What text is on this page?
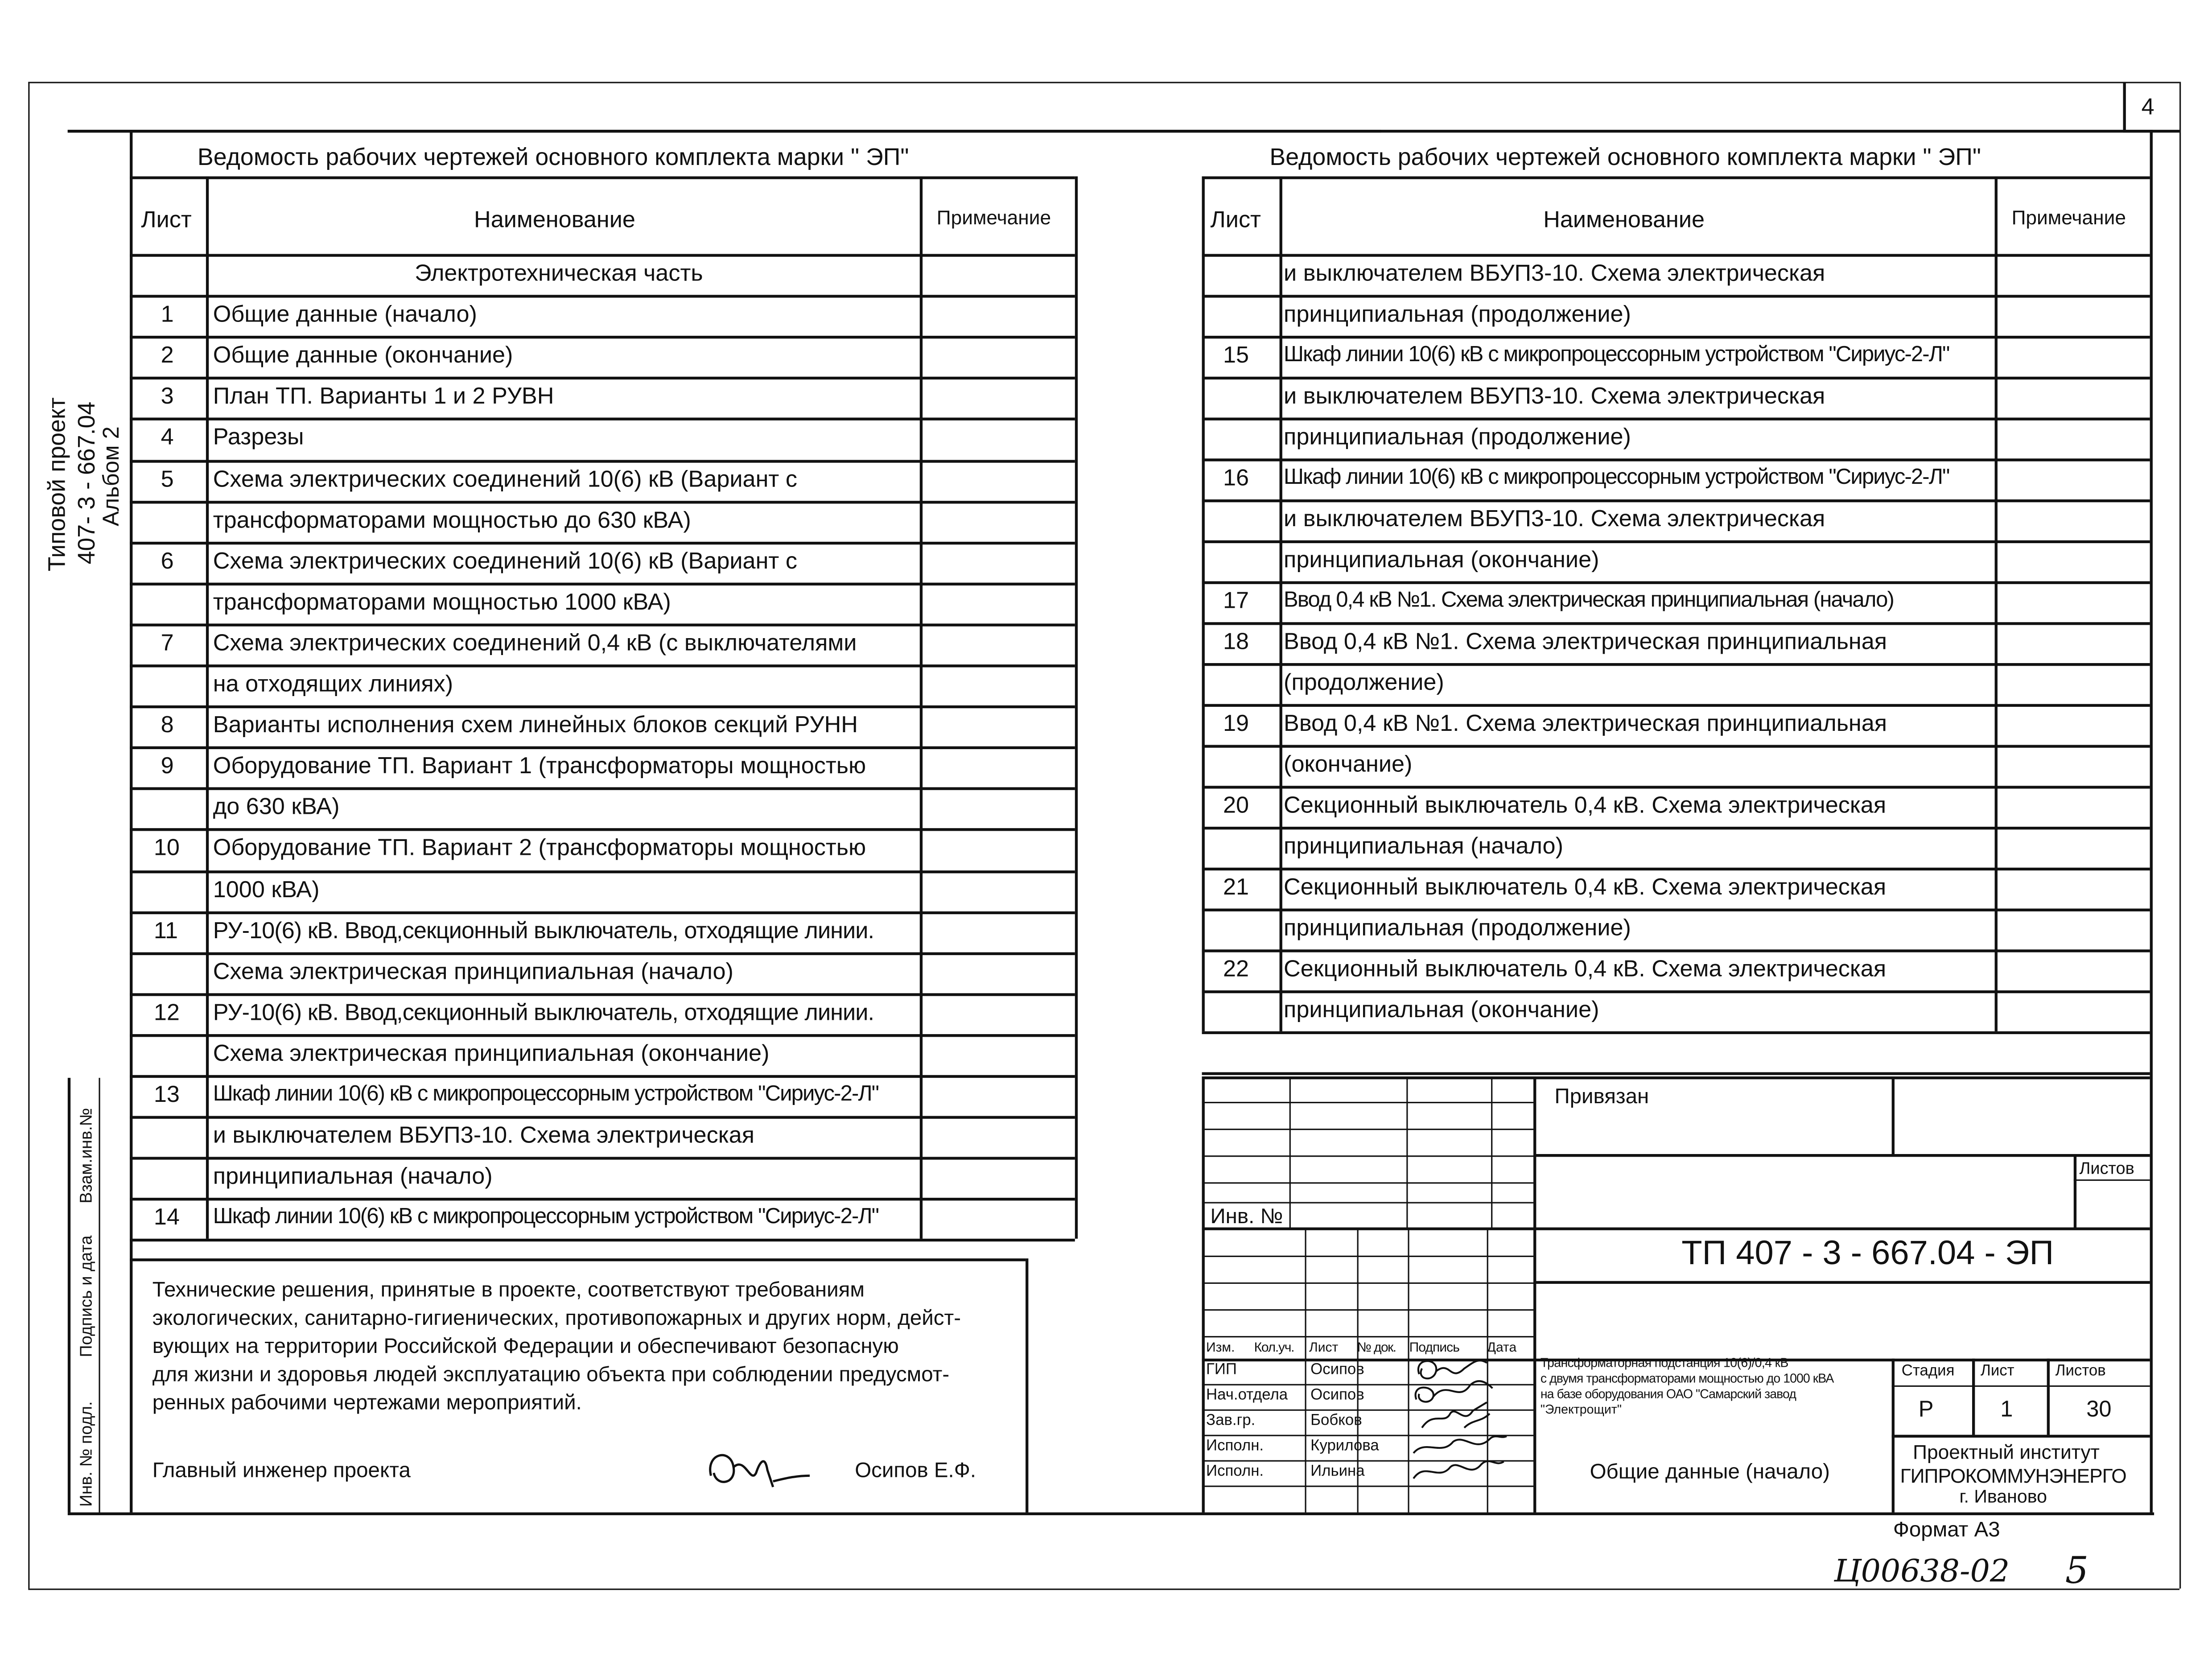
4
Типовой проект 407- 3 - 667.04 Альбом 2
Взам.инв.№
Подпись и дата
Инв. № подл.
Ведомость рабочих чертежей основного комплекта марки " ЭП"
Лист	Наименование	Примечание
Электротехническая часть
1	Общие данные (начало)
2	Общие данные (окончание)
3	План ТП. Варианты 1 и 2 РУВН
4	Разрезы
5	Схема электрических соединений 10(6) кВ (Вариант с
трансформаторами мощностью до 630 кВА)
6	Схема электрических соединений 10(6) кВ (Вариант с
трансформаторами мощностью 1000 кВА)
7	Схема электрических соединений 0,4 кВ (с выключателями
на отходящих линиях)
8	Варианты исполнения схем линейных блоков секций РУНН
9	Оборудование ТП. Вариант 1 (трансформаторы мощностью
до 630 кВА)
10	Оборудование ТП. Вариант 2 (трансформаторы мощностью
1000 кВА)
11	РУ-10(6) кВ. Ввод,секционный выключатель, отходящие линии.
Схема электрическая принципиальная (начало)
12	РУ-10(6) кВ. Ввод,секционный выключатель, отходящие линии.
Схема электрическая принципиальная (окончание)
13	Шкаф линии 10(6) кВ с микропроцессорным устройством "Сириус-2-Л"
и выключателем ВБУП3-10. Схема электрическая
принципиальная (начало)
14	Шкаф линии 10(6) кВ с микропроцессорным устройством "Сириус-2-Л"
Ведомость рабочих чертежей основного комплекта марки " ЭП"
Лист	Наименование	Примечание
и выключателем ВБУП3-10. Схема электрическая
принципиальная (продолжение)
15	Шкаф линии 10(6) кВ с микропроцессорным устройством "Сириус-2-Л"
и выключателем ВБУП3-10. Схема электрическая
принципиальная (продолжение)
16	Шкаф линии 10(6) кВ с микропроцессорным устройством "Сириус-2-Л"
и выключателем ВБУП3-10. Схема электрическая
принципиальная (окончание)
17	Ввод 0,4 кВ №1. Схема электрическая принципиальная (начало)
18	Ввод 0,4 кВ №1. Схема электрическая принципиальная
(продолжение)
19	Ввод 0,4 кВ №1. Схема электрическая принципиальная
(окончание)
20	Секционный выключатель 0,4 кВ. Схема электрическая
принципиальная (начало)
21	Секционный выключатель 0,4 кВ. Схема электрическая
принципиальная (продолжение)
22	Секционный выключатель 0,4 кВ. Схема электрическая
принципиальная (окончание)
Технические решения, принятые в проекте, соответствуют требованиям
экологических, санитарно-гигиенических, противопожарных и других норм, дейст-
вующих на территории Российской Федерации и обеспечивают безопасную
для жизни и здоровья людей эксплуатацию объекта при соблюдении предусмот-
ренных рабочими чертежами мероприятий.
Главный инженер проекта	Осипов Е.Ф.
Привязан
Листов
Инв. №
ТП 407 - 3 - 667.04 - ЭП
Изм.	Кол.уч.	Лист	№ док.	Подпись	Дата
ГИП	Осипов
Нач.отдела	Осипов
Зав.гр.	Бобков
Исполн.	Курилова
Исполн.	Ильина
Трансформаторная подстанция 10(6)/0,4 кВ
с двумя трансформаторами мощностью до 1000 кВА
на базе оборудования ОАО "Самарский завод
"Электрощит"
Стадия	Лист	Листов
Р	1	30
Общие данные (начало)
Проектный институт
ГИПРОКОММУНЭНЕРГО
г. Иваново
Формат А3
Ц00638-02	5
